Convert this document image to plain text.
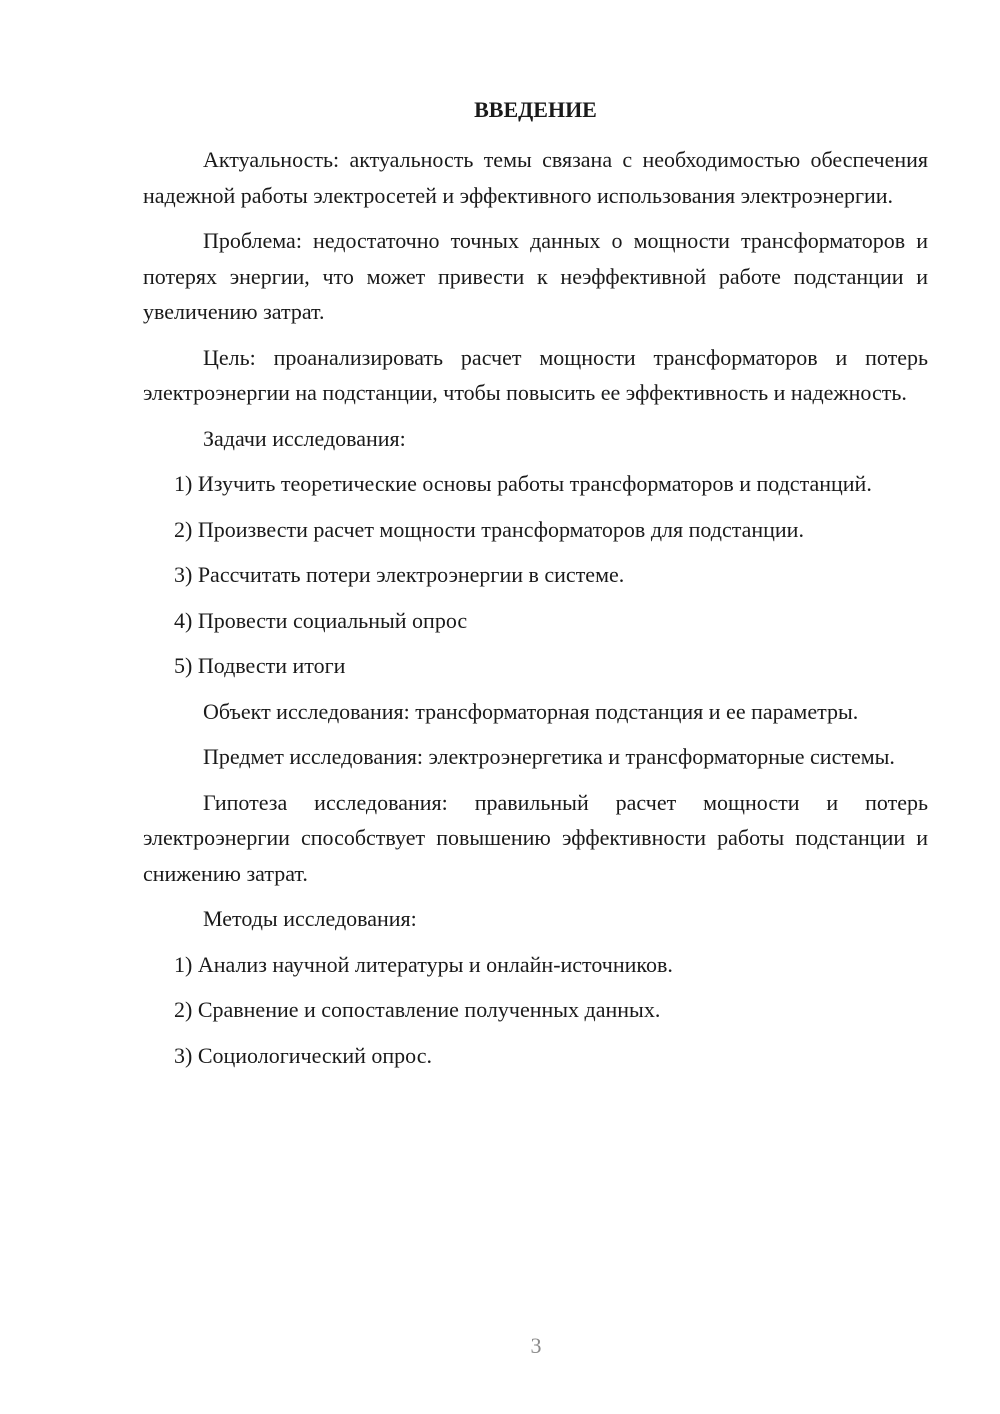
ВВЕДЕНИЕ

Актуальность: актуальность темы связана с необходимостью обеспечения надежной работы электросетей и эффективного использования электроэнергии.

Проблема: недостаточно точных данных о мощности трансформаторов и потерях энергии, что может привести к неэффективной работе подстанции и увеличению затрат.

Цель: проанализировать расчет мощности трансформаторов и потерь электроэнергии на подстанции, чтобы повысить ее эффективность и надежность.

Задачи исследования:

1) Изучить теоретические основы работы трансформаторов и подстанций.

2) Произвести расчет мощности трансформаторов для подстанции.

3) Рассчитать потери электроэнергии в системе.

4) Провести социальный опрос

5) Подвести итоги

Объект исследования: трансформаторная подстанция и ее параметры.

Предмет исследования: электроэнергетика и трансформаторные системы.

Гипотеза исследования: правильный расчет мощности и потерь электроэнергии способствует повышению эффективности работы подстанции и снижению затрат.

Методы исследования:

1) Анализ научной литературы и онлайн-источников.

2) Сравнение и сопоставление полученных данных.

3) Социологический опрос.

3
